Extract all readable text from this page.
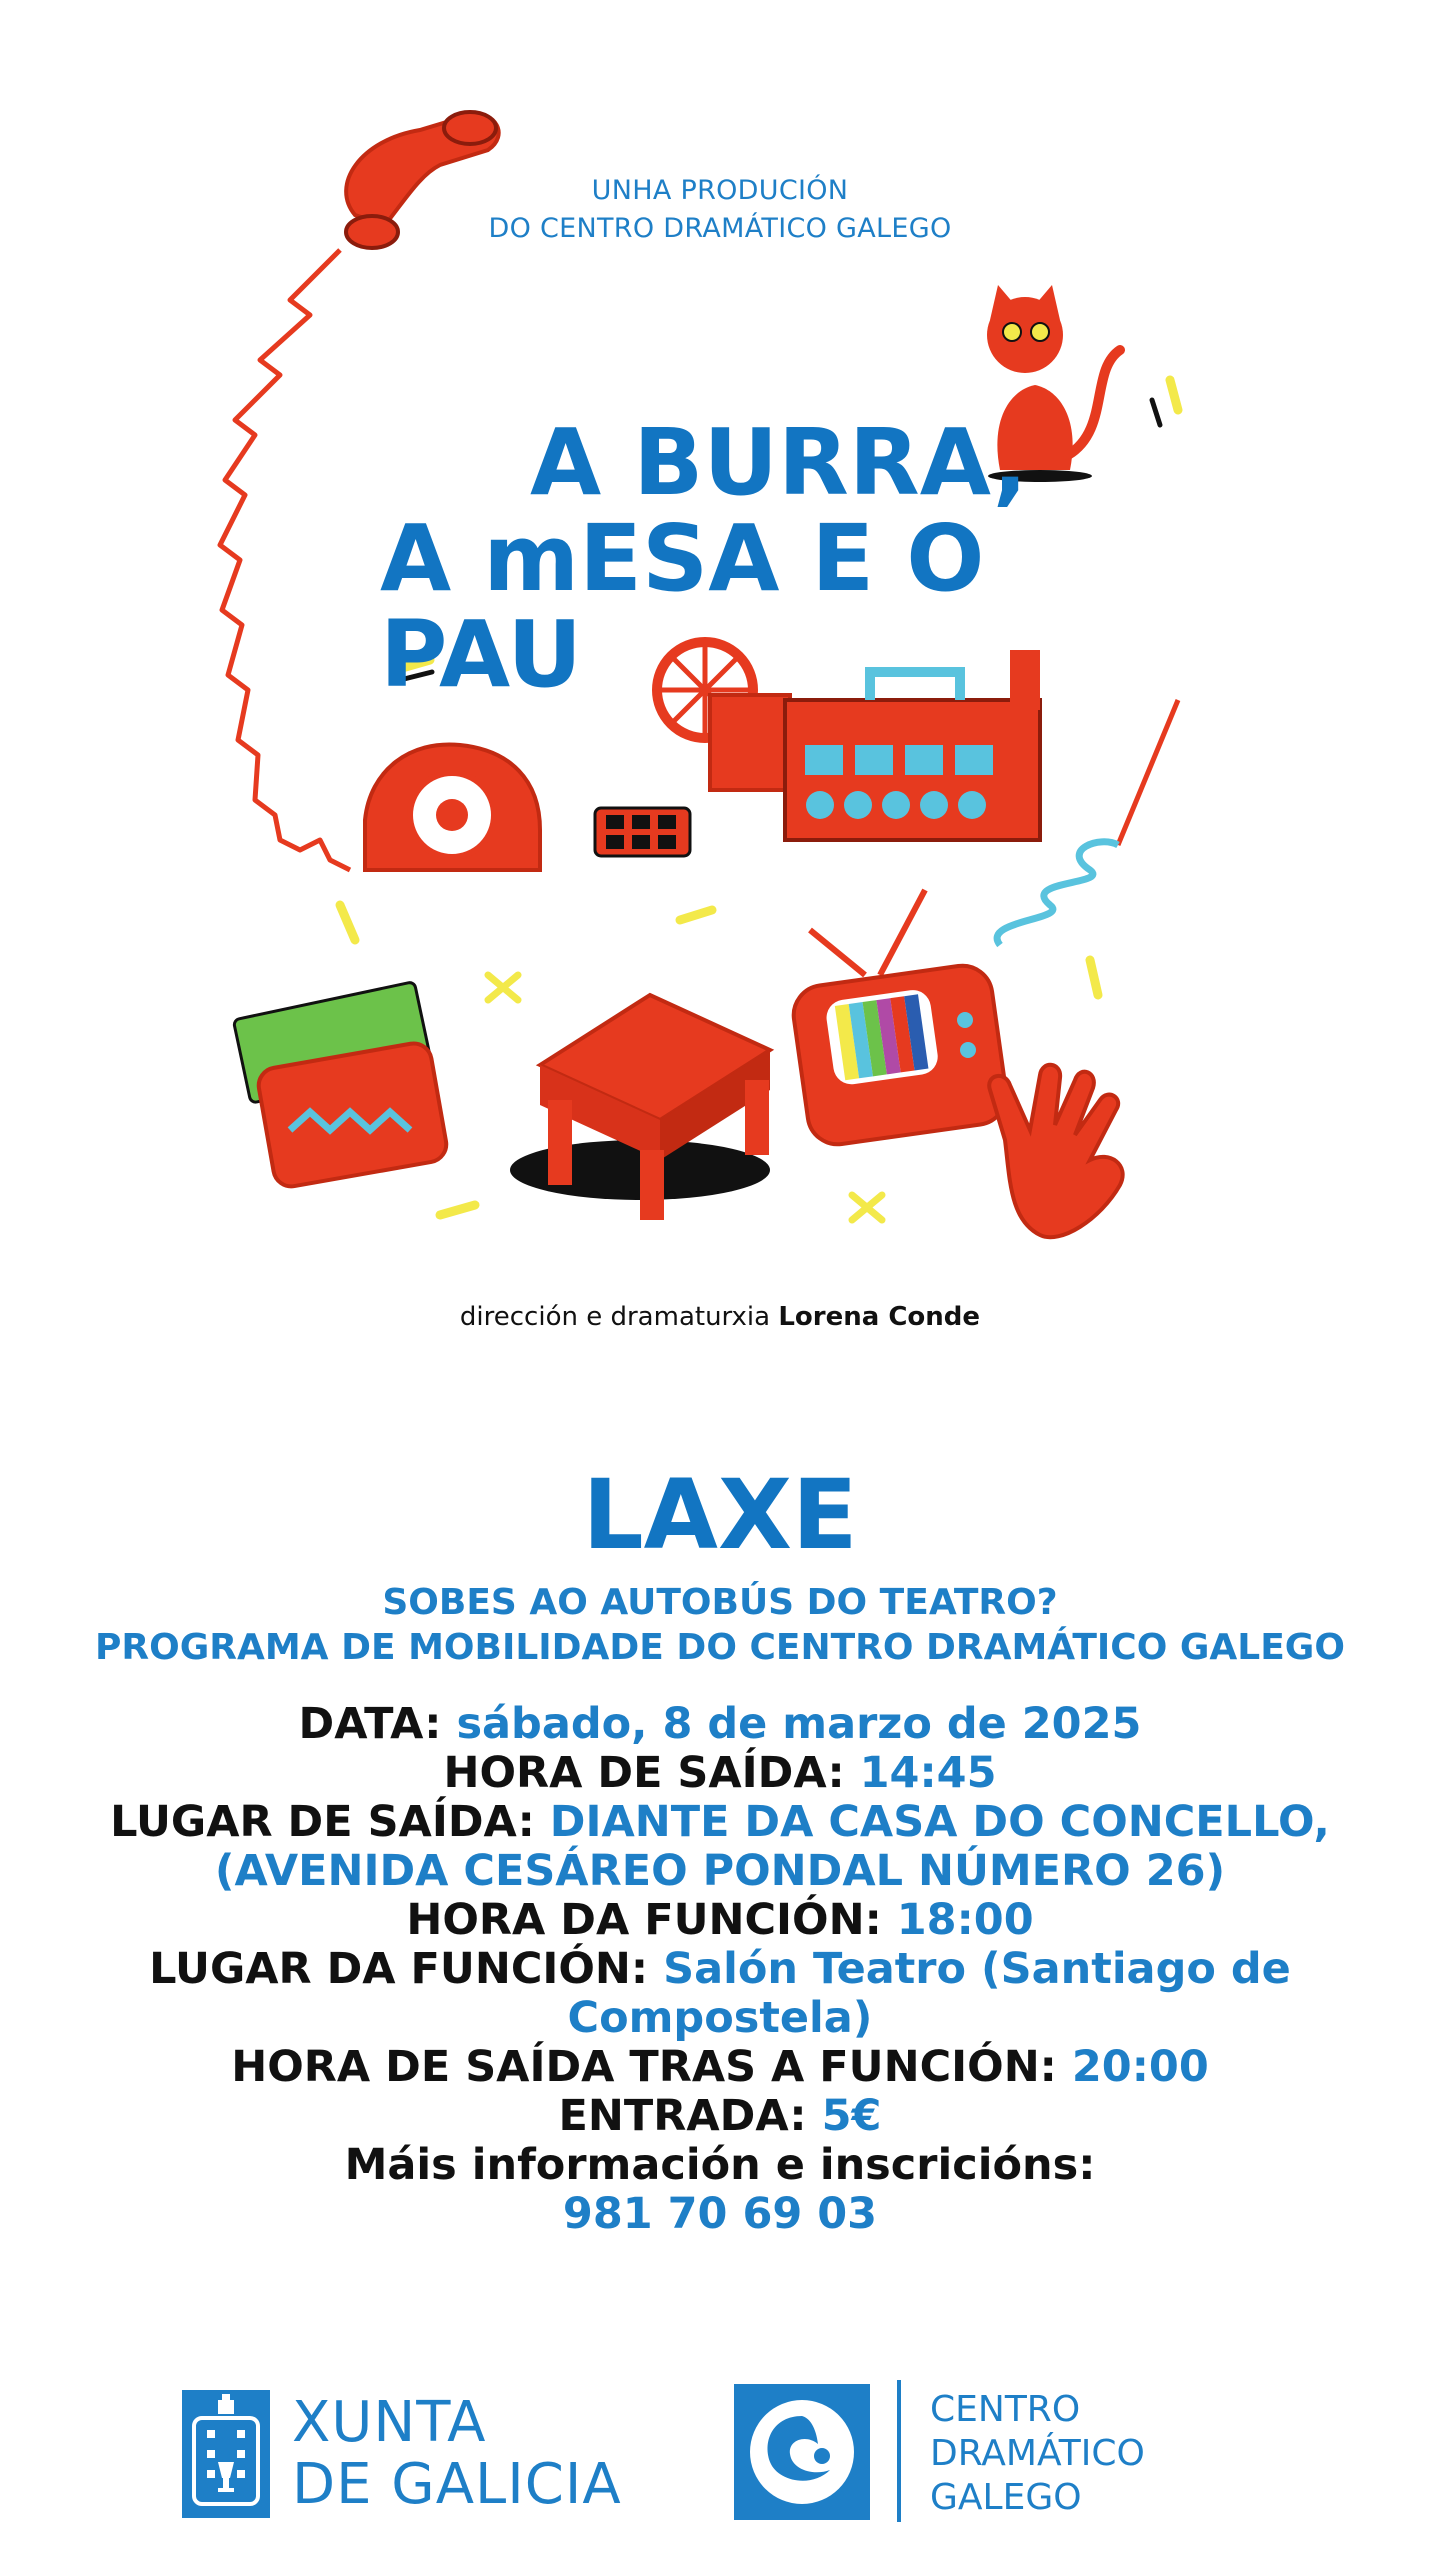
UNHA PRODUCIÓN
DO CENTRO DRAMÁTICO GALEGO
A BURRA,
A mESA E O PAU
dirección e dramaturxia Lorena Conde
LAXE
SOBES AO AUTOBÚS DO TEATRO?
PROGRAMA DE MOBILIDADE DO CENTRO DRAMÁTICO GALEGO
DATA: sábado, 8 de marzo de 2025
HORA DE SAÍDA: 14:45
LUGAR DE SAÍDA: DIANTE DA CASA DO CONCELLO,
(AVENIDA CESÁREO PONDAL NÚMERO 26)
HORA DA FUNCIÓN: 18:00
LUGAR DA FUNCIÓN: Salón Teatro (Santiago de
Compostela)
HORA DE SAÍDA TRAS A FUNCIÓN: 20:00
ENTRADA: 5€
Máis información e inscricións:
981 70 69 03
XUNTA
DE GALICIA
CENTRO
DRAMÁTICO
GALEGO
